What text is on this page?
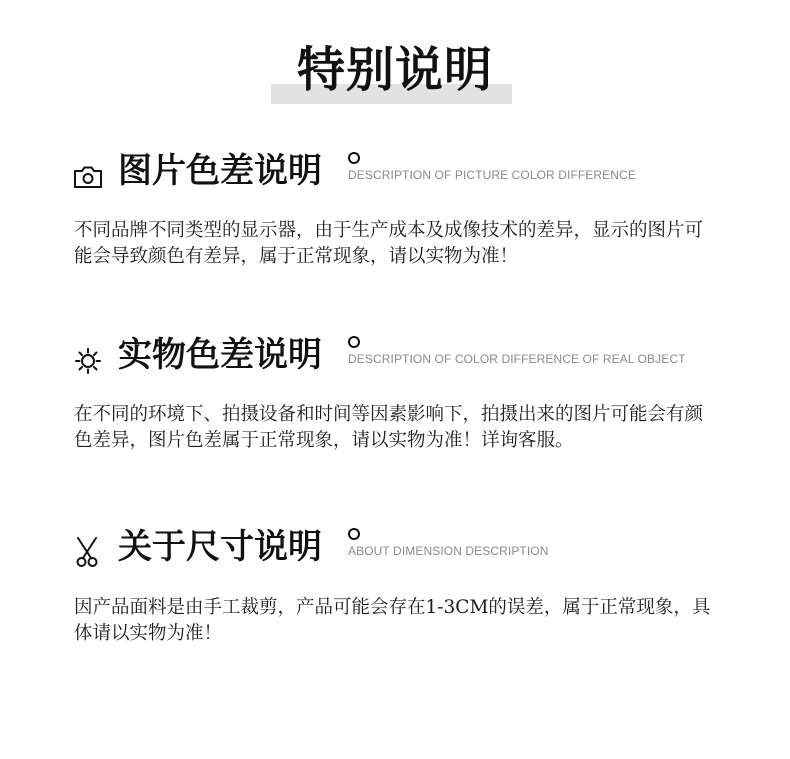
特别说明
图片色差说明 DESCRIPTION OF PICTURE COLOR DIFFERENCE
不同品牌不同类型的显示器，由于生产成本及成像技术的差异，显示的图片可能会导致颜色有差异，属于正常现象，请以实物为准！
实物色差说明 DESCRIPTION OF COLOR DIFFERENCE OF REAL OBJECT
在不同的环境下、拍摄设备和时间等因素影响下，拍摄出来的图片可能会有颜色差异，图片色差属于正常现象，请以实物为准！详询客服。
关于尺寸说明 ABOUT DIMENSION DESCRIPTION
因产品面料是由手工裁剪，产品可能会存在1-3CM的误差，属于正常现象，具体请以实物为准！
